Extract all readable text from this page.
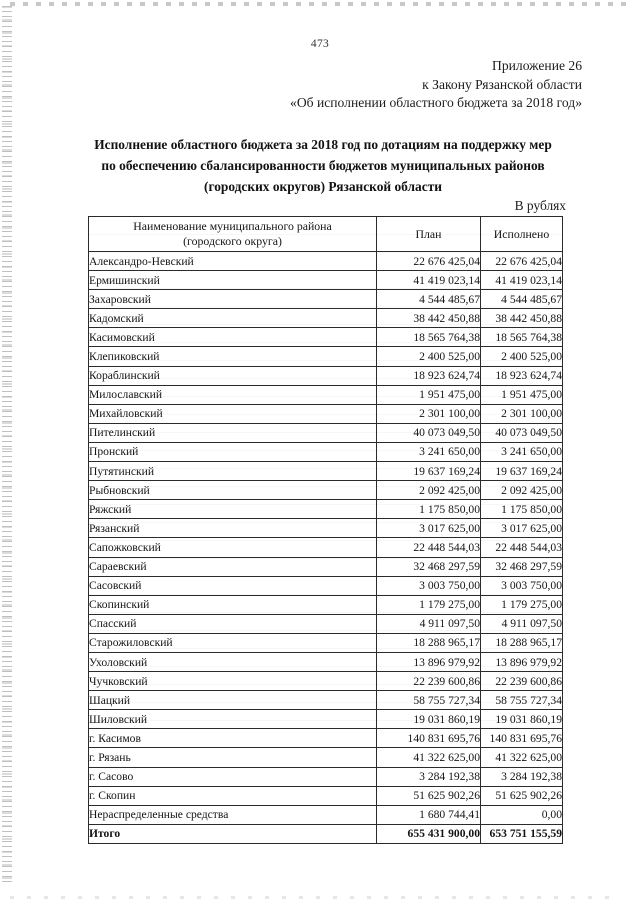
473
Приложение 26
к Закону Рязанской области
«Об исполнении областного бюджета за 2018 год»
Исполнение областного бюджета за 2018 год по дотациям на поддержку мер по обеспечению сбалансированности бюджетов муниципальных районов (городских округов) Рязанской области
В рублях
Наименование муниципального района
(городского округа)	План	Исполнено
Александро-Невский	22 676 425,04	22 676 425,04
Ермишинский	41 419 023,14	41 419 023,14
Захаровский	4 544 485,67	4 544 485,67
Кадомский	38 442 450,88	38 442 450,88
Касимовский	18 565 764,38	18 565 764,38
Клепиковский	2 400 525,00	2 400 525,00
Кораблинский	18 923 624,74	18 923 624,74
Милославский	1 951 475,00	1 951 475,00
Михайловский	2 301 100,00	2 301 100,00
Пителинский	40 073 049,50	40 073 049,50
Пронский	3 241 650,00	3 241 650,00
Путятинский	19 637 169,24	19 637 169,24
Рыбновский	2 092 425,00	2 092 425,00
Ряжский	1 175 850,00	1 175 850,00
Рязанский	3 017 625,00	3 017 625,00
Сапожковский	22 448 544,03	22 448 544,03
Сараевский	32 468 297,59	32 468 297,59
Сасовский	3 003 750,00	3 003 750,00
Скопинский	1 179 275,00	1 179 275,00
Спасский	4 911 097,50	4 911 097,50
Старожиловский	18 288 965,17	18 288 965,17
Ухоловский	13 896 979,92	13 896 979,92
Чучковский	22 239 600,86	22 239 600,86
Шацкий	58 755 727,34	58 755 727,34
Шиловский	19 031 860,19	19 031 860,19
г. Касимов	140 831 695,76	140 831 695,76
г. Рязань	41 322 625,00	41 322 625,00
г. Сасово	3 284 192,38	3 284 192,38
г. Скопин	51 625 902,26	51 625 902,26
Нераспределенные средства	1 680 744,41	0,00
Итого	655 431 900,00	653 751 155,59
